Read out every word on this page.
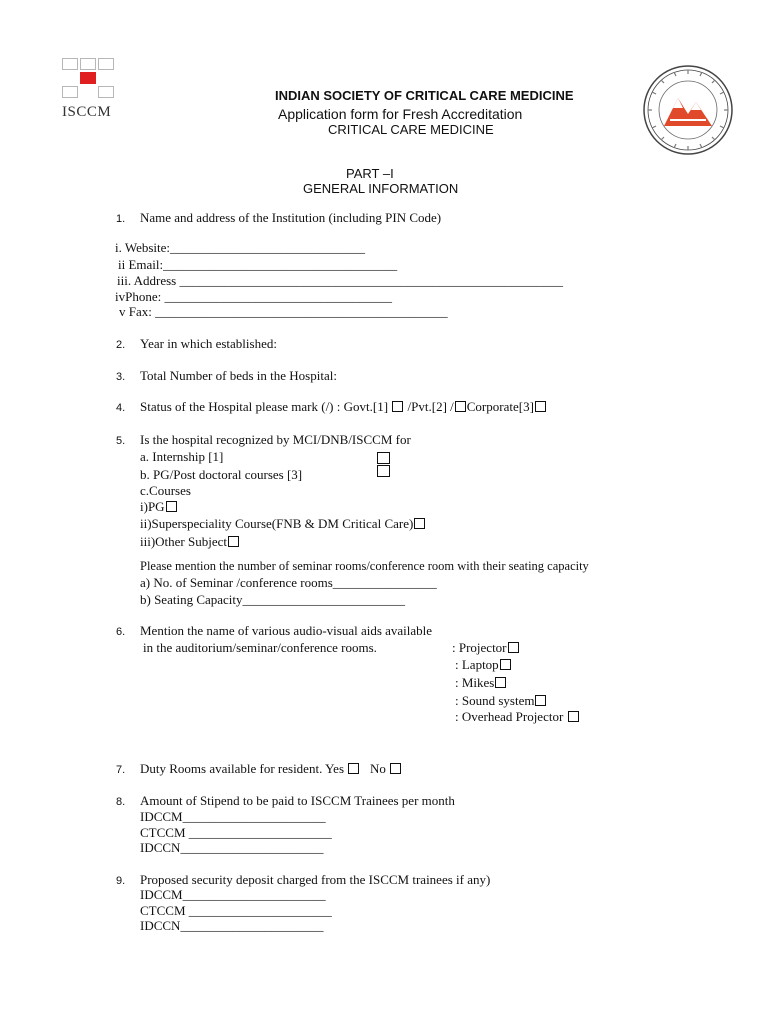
ISCCM
INDIAN SOCIETY OF CRITICAL CARE MEDICINE
Application form for Fresh Accreditation
CRITICAL CARE MEDICINE
PART –I
GENERAL INFORMATION
1. Name and address of the Institution (including PIN Code)
i. Website:______________________________
ii Email:____________________________________
iii. Address ___________________________________________________________
ivPhone: ___________________________________
v Fax: _____________________________________________
2. Year in which established:
3. Total Number of beds in the Hospital:
4. Status of the Hospital please mark (/) : Govt.[1] /Pvt.[2] / Corporate[3]
5. Is the hospital recognized by MCI/DNB/ISCCM for
a. Internship [1]
b. PG/Post doctoral courses [3]
c.Courses
i)PG
ii)Superspeciality Course(FNB & DM Critical Care)
iii)Other Subject
Please mention the number of seminar rooms/conference room with their seating capacity
a) No. of Seminar /conference rooms________________
b) Seating Capacity_________________________
6. Mention the name of various audio-visual aids available
in the auditorium/seminar/conference rooms.	: Projector
: Laptop
: Mikes
: Sound system
: Overhead Projector
7. Duty Rooms available for resident. Yes No
8. Amount of Stipend to be paid to ISCCM Trainees per month
IDCCM______________________
CTCCM ______________________
IDCCN______________________
9. Proposed security deposit charged from the ISCCM trainees if any)
IDCCM______________________
CTCCM ______________________
IDCCN______________________
